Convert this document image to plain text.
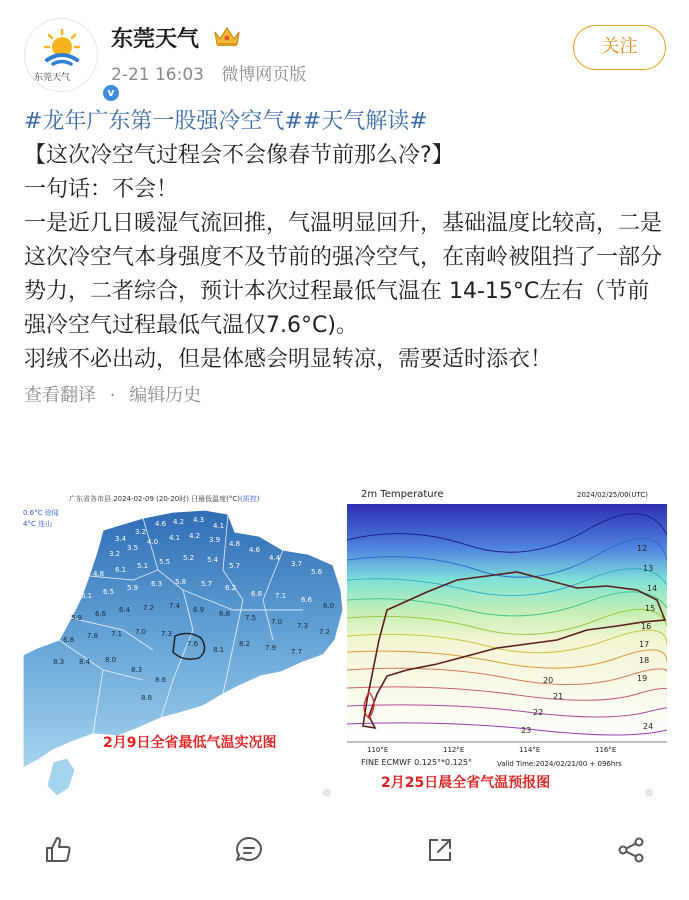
东莞天气
v
东莞天气
2-21 16:03 微博网页版
关注
#龙年广东第一股强冷空气##天气解读#
【这次冷空气过程会不会像春节前那么冷?】
一句话：不会！
一是近几日暖湿气流回推，气温明显回升，基础温度比较高，二是这次冷空气本身强度不及节前的强冷空气，在南岭被阻挡了一部分势力，二者综合，预计本次过程最低气温在 14-15°C左右（节前强冷空气过程最低气温仅7.6°C)。
羽绒不必出动，但是体感会明显转凉，需要适时添衣！
查看翻译 · 编辑历史
广东省各市县 2024-02-09 (20-20时) 日最低温度(°C)(质控)
0.6°C 徐闻
4°C 连山
3.4
3.2
4.6 4.2 4.3
4.1
3.2
3.5
4.0 4.1 4.2 3.9 4.8
4.6
4.4
3.7
5.6
4.8 6.1 5.1 5.5 5.2 5.4
5.7
6.1 6.5 5.9 6.3 5.8 5.7 6.2
6.8 7.1 6.6
6.0
5.9 6.6 6.4 7.2 7.4 6.9 6.8 7.5 7.0 7.3
7.2
6.8 7.8 7.1 7.0 7.3
7.6
8.1
8.2 7.9 7.7
8.3 8.4 8.0
8.3
8.6
8.8
2月9日全省最低气温实况图
◎
2m Temperature	2024/02/25/00(UTC)
12
13
14
15
16
17
18
19
20
21
22
23	24
110°E	112°E	114°E	116°E
FINE ECMWF 0.125°*0.125°	Valid Time:2024/02/21/00 + 096hrs
2月25日晨全省气温预报图
◎
